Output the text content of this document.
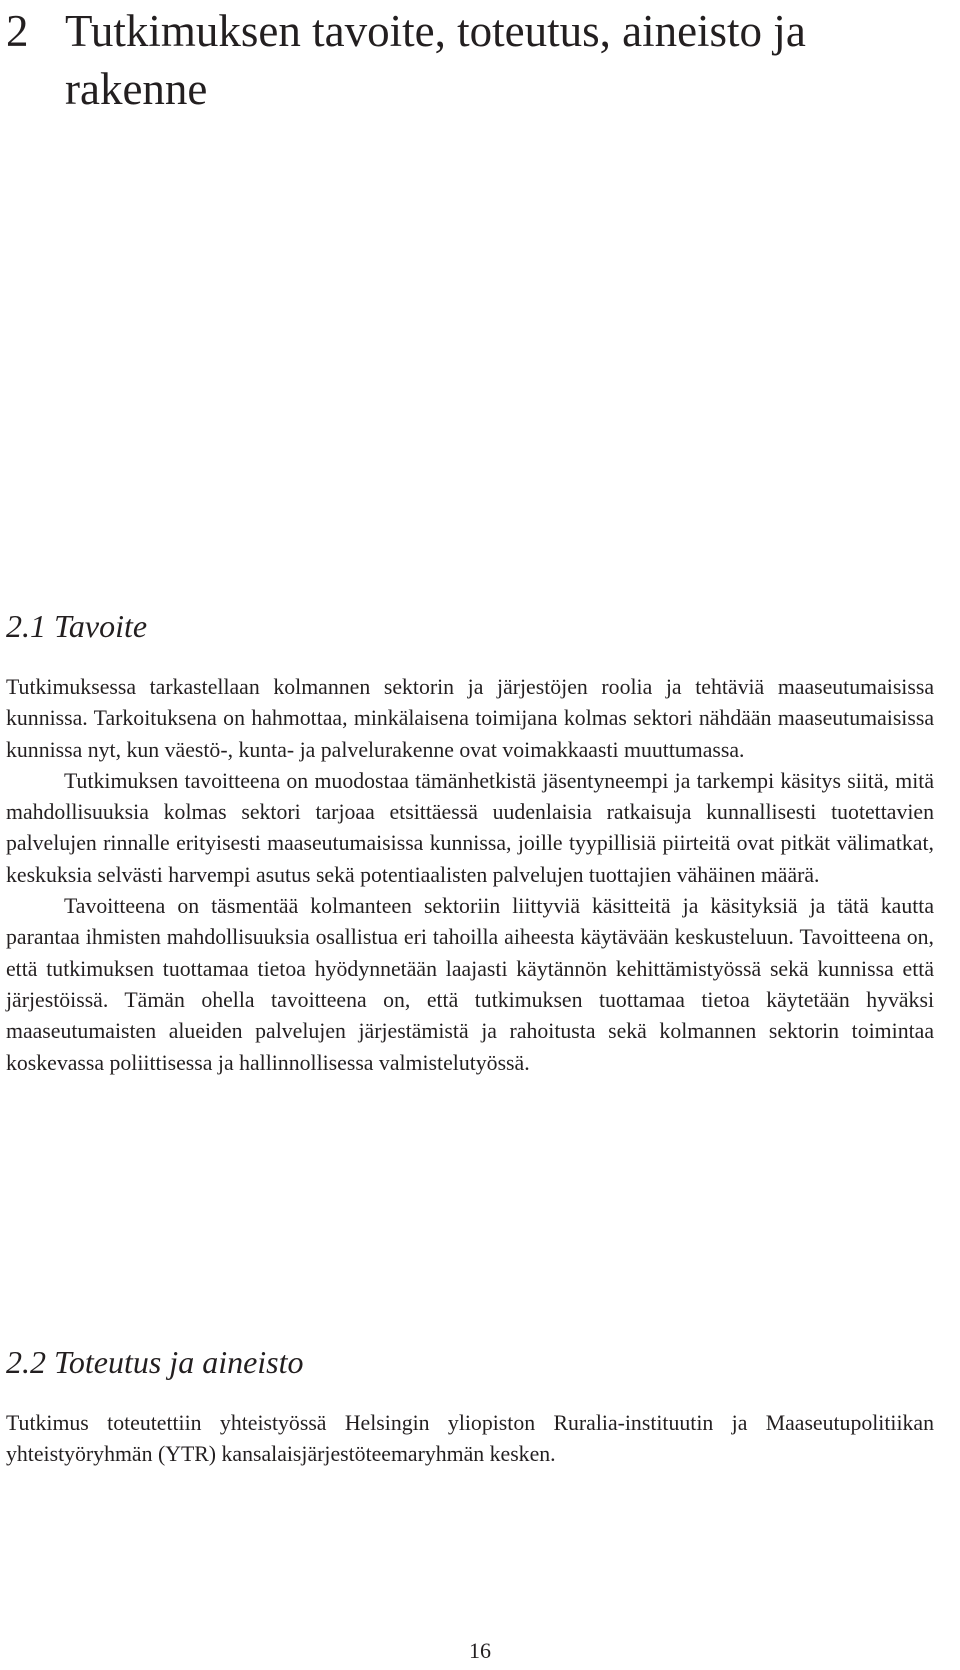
2 Tutkimuksen tavoite, toteutus, aineisto ja rakenne
2.1 Tavoite

Tutkimuksessa tarkastellaan kolmannen sektorin ja järjestöjen roolia ja tehtäviä maaseutumaisissa kunnissa. Tarkoituksena on hahmottaa, minkälaisena toimijana kolmas sektori nähdään maaseutumaisissa kunnissa nyt, kun väestö-, kunta- ja palvelurakenne ovat voimakkaasti muuttumassa.

Tutkimuksen tavoitteena on muodostaa tämänhetkistä jäsentyneempi ja tarkempi käsitys siitä, mitä mahdollisuuksia kolmas sektori tarjoaa etsittäessä uudenlaisia ratkaisuja kunnallisesti tuotettavien palvelujen rinnalle erityisesti maaseutumaisissa kunnissa, joille tyypillisiä piirteitä ovat pitkät välimatkat, keskuksia selvästi harvempi asutus sekä potentiaalisten palvelujen tuottajien vähäinen määrä.

Tavoitteena on täsmentää kolmanteen sektoriin liittyviä käsitteitä ja käsityksiä ja tätä kautta parantaa ihmisten mahdollisuuksia osallistua eri tahoilla aiheesta käytävään keskusteluun. Tavoitteena on, että tutkimuksen tuottamaa tietoa hyödynnetään laajasti käytännön kehittämistyössä sekä kunnissa että järjestöissä. Tämän ohella tavoitteena on, että tutkimuksen tuottamaa tietoa käytetään hyväksi maaseutumaisten alueiden palvelujen järjestämistä ja rahoitusta sekä kolmannen sektorin toimintaa koskevassa poliittisessa ja hallinnollisessa valmistelutyössä.

2.2 Toteutus ja aineisto

Tutkimus toteutettiin yhteistyössä Helsingin yliopiston Ruralia-instituutin ja Maaseutupolitiikan yhteistyöryhmän (YTR) kansalaisjärjestöteemaryhmän kesken.

16
